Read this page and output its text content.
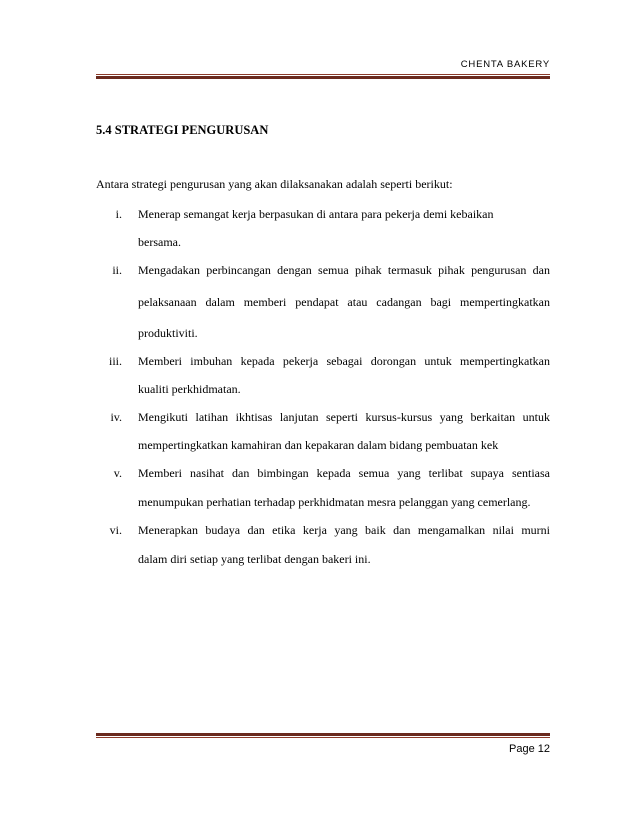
CHENTA BAKERY
5.4 STRATEGI PENGURUSAN
Antara strategi pengurusan yang akan dilaksanakan adalah seperti berikut:
i. Menerap semangat kerja berpasukan di antara para pekerja demi kebaikan
bersama.
ii. Mengadakan perbincangan dengan semua pihak termasuk pihak pengurusan dan
pelaksanaan dalam memberi pendapat atau cadangan bagi mempertingkatkan
produktiviti.
iii. Memberi imbuhan kepada pekerja sebagai dorongan untuk mempertingkatkan
kualiti perkhidmatan.
iv. Mengikuti latihan ikhtisas lanjutan seperti kursus-kursus yang berkaitan untuk
mempertingkatkan kamahiran dan kepakaran dalam bidang pembuatan kek
v. Memberi nasihat dan bimbingan kepada semua yang terlibat supaya sentiasa
menumpukan perhatian terhadap perkhidmatan mesra pelanggan yang cemerlang.
vi. Menerapkan budaya dan etika kerja yang baik dan mengamalkan nilai murni
dalam diri setiap yang terlibat dengan bakeri ini.
Page 12
